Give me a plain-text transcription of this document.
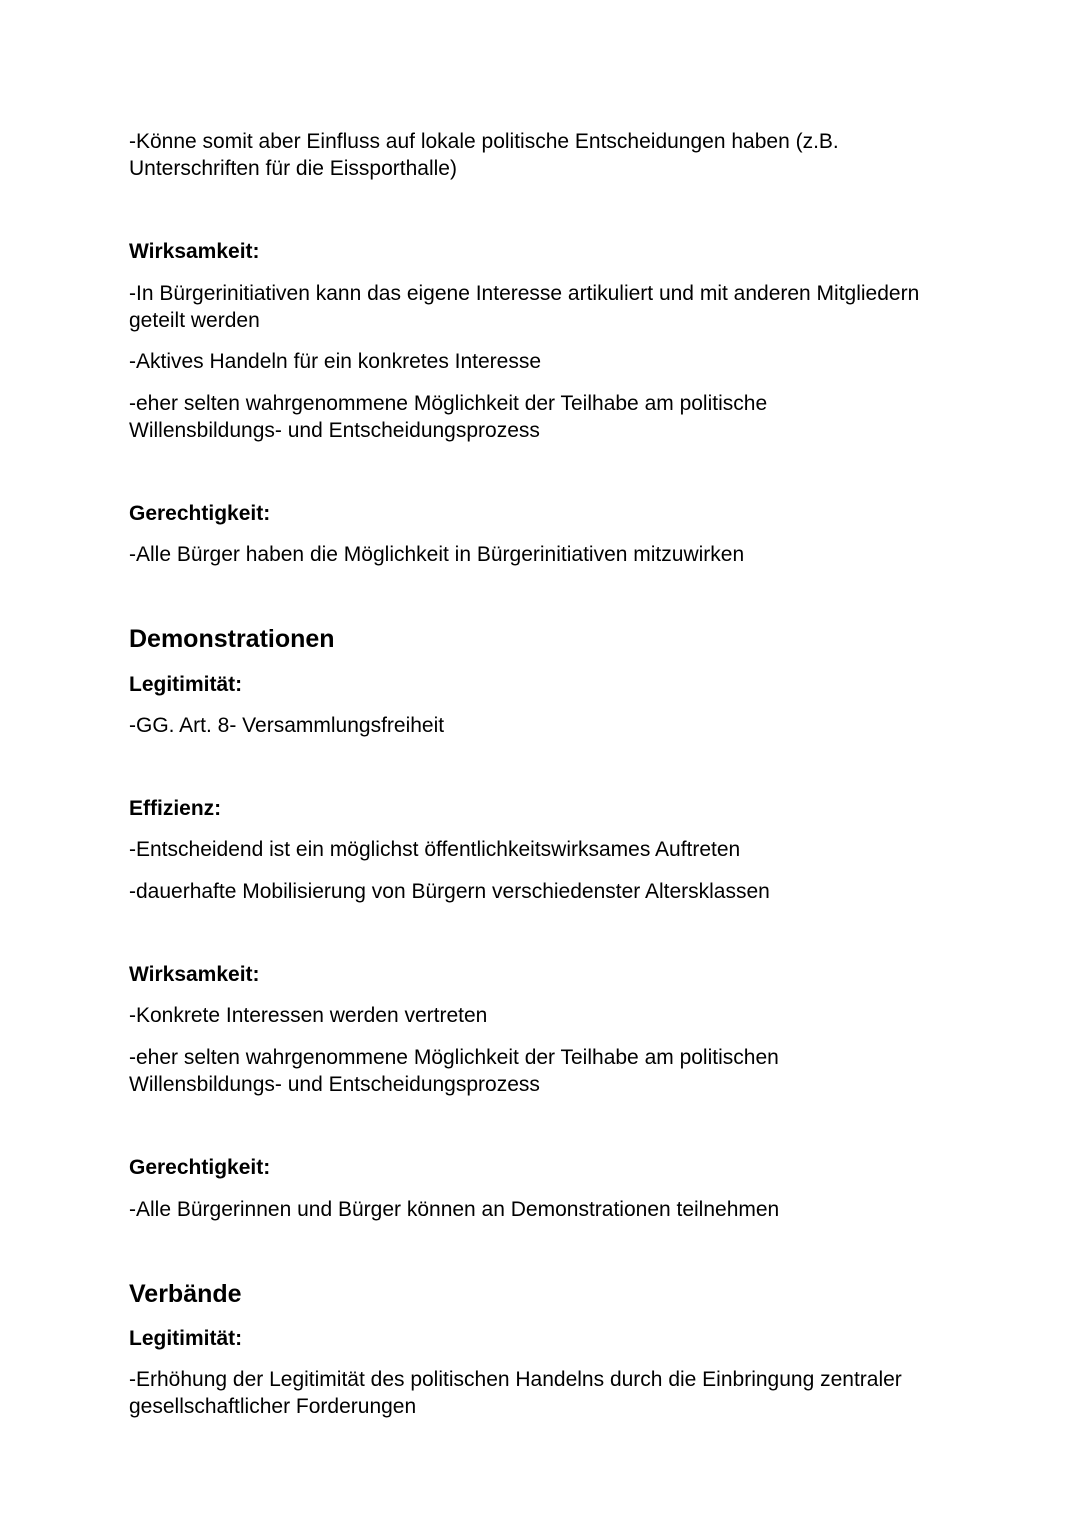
-Könne somit aber Einfluss auf lokale politische Entscheidungen haben (z.B.

Unterschriften für die Eissporthalle)

Wirksamkeit:

-In Bürgerinitiativen kann das eigene Interesse artikuliert und mit anderen Mitgliedern

geteilt werden

-Aktives Handeln für ein konkretes Interesse

-eher selten wahrgenommene Möglichkeit der Teilhabe am politische

Willensbildungs- und Entscheidungsprozess

Gerechtigkeit:

-Alle Bürger haben die Möglichkeit in Bürgerinitiativen mitzuwirken

Demonstrationen

Legitimität:

-GG. Art. 8- Versammlungsfreiheit

Effizienz:

-Entscheidend ist ein möglichst öffentlichkeitswirksames Auftreten

-dauerhafte Mobilisierung von Bürgern verschiedenster Altersklassen

Wirksamkeit:

-Konkrete Interessen werden vertreten

-eher selten wahrgenommene Möglichkeit der Teilhabe am politischen

Willensbildungs- und Entscheidungsprozess

Gerechtigkeit:

-Alle Bürgerinnen und Bürger können an Demonstrationen teilnehmen

Verbände

Legitimität:

-Erhöhung der Legitimität des politischen Handelns durch die Einbringung zentraler

gesellschaftlicher Forderungen
